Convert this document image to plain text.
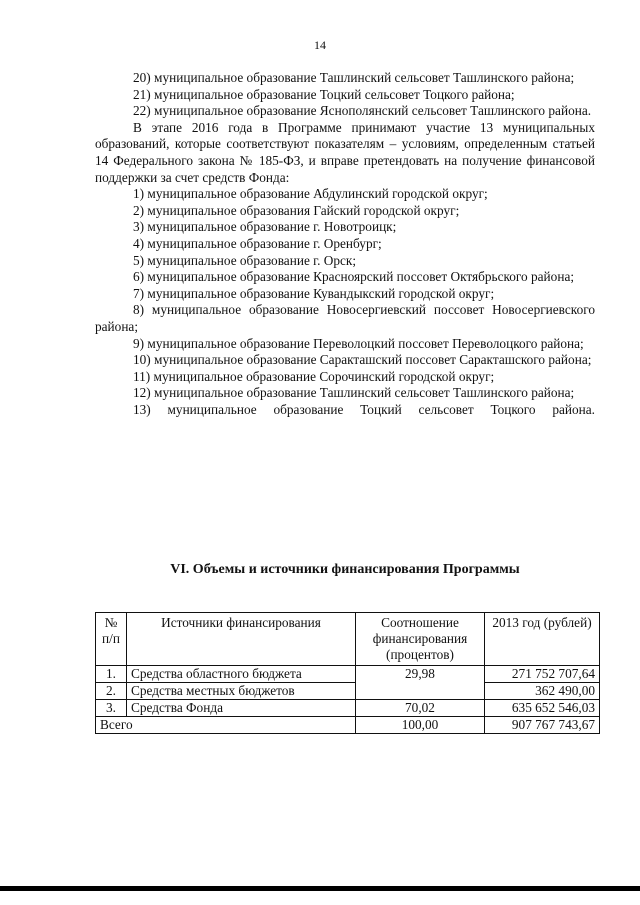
14

20) муниципальное образование Ташлинский сельсовет Ташлинского района;

21) муниципальное образование Тоцкий сельсовет Тоцкого района;

22) муниципальное образование Яснополянский сельсовет Ташлинского района.

В этапе 2016 года в Программе принимают участие 13 муниципальных образований, которые соответствуют показателям – условиям, определенным статьей 14 Федерального закона № 185-ФЗ, и вправе претендовать на получение финансовой поддержки за счет средств Фонда:

1) муниципальное образование Абдулинский городской округ;

2) муниципальное образования Гайский городской округ;

3) муниципальное образование г. Новотроицк;

4) муниципальное образование г. Оренбург;

5) муниципальное образование г. Орск;

6) муниципальное образование Красноярский поссовет Октябрьского района;

7) муниципальное образование Кувандыкский городской округ;

8) муниципальное образование Новосергиевский поссовет Новосергиевского района;

9) муниципальное образование Переволоцкий поссовет Переволоцкого района;

10) муниципальное образование Саракташский поссовет Саракташского района;

11) муниципальное образование Сорочинский городской округ;

12) муниципальное образование Ташлинский сельсовет Ташлинского района;

13) муниципальное образование Тоцкий сельсовет Тоцкого района.

VI. Объемы и источники финансирования Программы
№ п/п	Источники финансирования	Соотношение финансирования (процентов)	2013 год (рублей)
1.	Средства областного бюджета	29,98	271 752 707,64
2.	Средства местных бюджетов		362 490,00
3.	Средства Фонда	70,02	635 652 546,03
Всего		100,00	907 767 743,67
